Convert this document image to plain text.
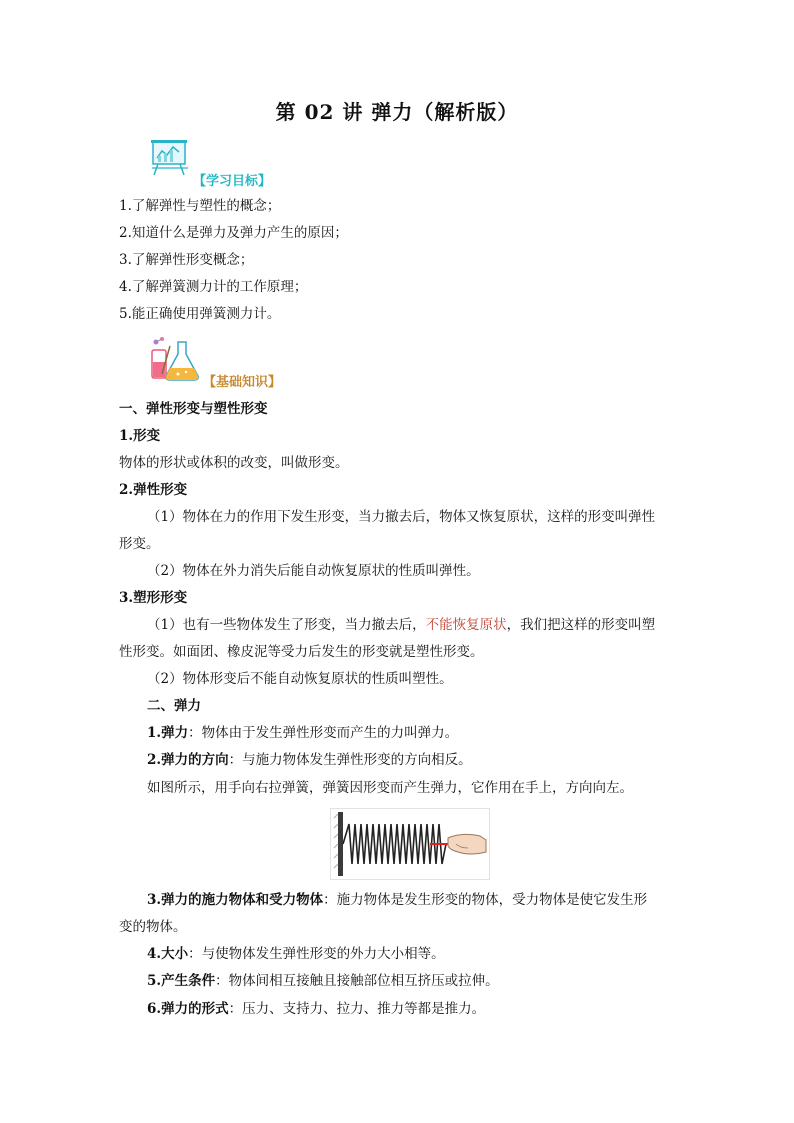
第 02 讲 弹力（解析版）
【学习目标】
1.了解弹性与塑性的概念；
2.知道什么是弹力及弹力产生的原因；
3.了解弹性形变概念；
4.了解弹簧测力计的工作原理；
5.能正确使用弹簧测力计。
【基础知识】
一、弹性形变与塑性形变
1.形变
物体的形状或体积的改变，叫做形变。
2.弹性形变
（1）物体在力的作用下发生形变，当力撤去后，物体又恢复原状，这样的形变叫弹性
形变。
（2）物体在外力消失后能自动恢复原状的性质叫弹性。
3.塑形形变
（1）也有一些物体发生了形变，当力撤去后，不能恢复原状，我们把这样的形变叫塑
性形变。如面团、橡皮泥等受力后发生的形变就是塑性形变。
（2）物体形变后不能自动恢复原状的性质叫塑性。
二、弹力
1.弹力：物体由于发生弹性形变而产生的力叫弹力。
2.弹力的方向：与施力物体发生弹性形变的方向相反。
如图所示，用手向右拉弹簧，弹簧因形变而产生弹力，它作用在手上，方向向左。
3.弹力的施力物体和受力物体：施力物体是发生形变的物体，受力物体是使它发生形
变的物体。
4.大小：与使物体发生弹性形变的外力大小相等。
5.产生条件：物体间相互接触且接触部位相互挤压或拉伸。
6.弹力的形式：压力、支持力、拉力、推力等都是推力。
